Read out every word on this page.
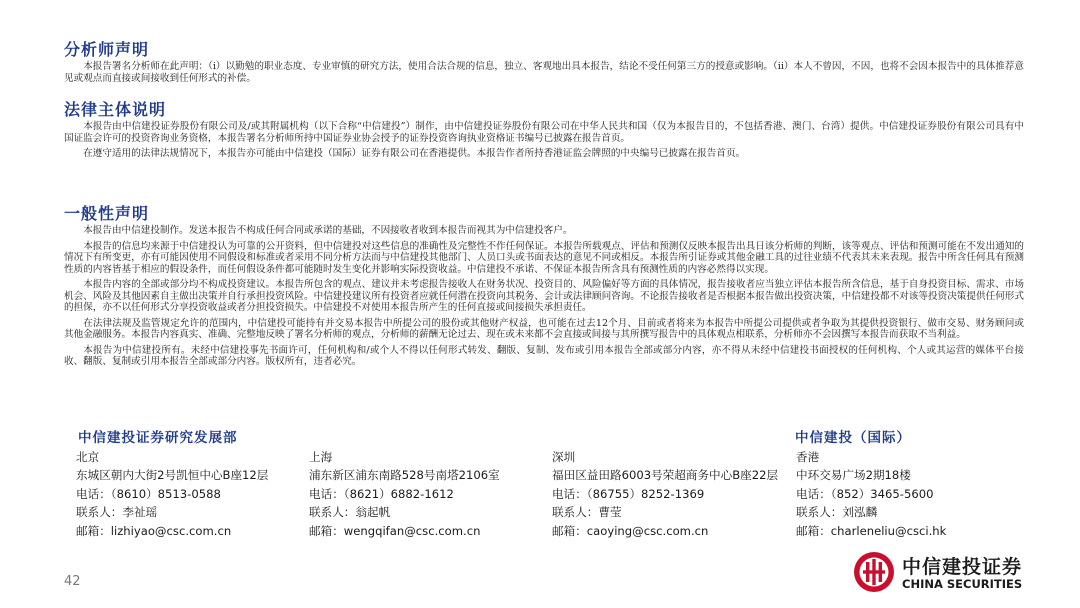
分析师声明

本报告署名分析师在此声明：（i）以勤勉的职业态度、专业审慎的研究方法，使用合法合规的信息，独立、客观地出具本报告，结论不受任何第三方的授意或影响。（ii）本人不曾因，不因，也将不会因本报告中的具体推荐意见或观点而直接或间接收到任何形式的补偿。

法律主体说明

本报告由中信建投证券股份有限公司及/或其附属机构（以下合称“中信建投”）制作，由中信建投证券股份有限公司在中华人民共和国（仅为本报告目的，不包括香港、澳门、台湾）提供。中信建投证券股份有限公司具有中国证监会许可的投资咨询业务资格，本报告署名分析师所持中国证券业协会授予的证券投资咨询执业资格证书编号已披露在报告首页。

在遵守适用的法律法规情况下，本报告亦可能由中信建投（国际）证券有限公司在香港提供。本报告作者所持香港证监会牌照的中央编号已披露在报告首页。

一般性声明

本报告由中信建投制作。发送本报告不构成任何合同或承诺的基础，不因接收者收到本报告而视其为中信建投客户。

本报告的信息均来源于中信建投认为可靠的公开资料，但中信建投对这些信息的准确性及完整性不作任何保证。本报告所载观点、评估和预测仅反映本报告出具日该分析师的判断，该等观点、评估和预测可能在不发出通知的情况下有所变更，亦有可能因使用不同假设和标准或者采用不同分析方法而与中信建投其他部门、人员口头或书面表达的意见不同或相反。本报告所引证券或其他金融工具的过往业绩不代表其未来表现。报告中所含任何具有预测性质的内容皆基于相应的假设条件，而任何假设条件都可能随时发生变化并影响实际投资收益。中信建投不承诺、不保证本报告所含具有预测性质的内容必然得以实现。

本报告内容的全部或部分均不构成投资建议。本报告所包含的观点、建议并未考虑报告接收人在财务状况、投资目的、风险偏好等方面的具体情况，报告接收者应当独立评估本报告所含信息，基于自身投资目标、需求、市场机会、风险及其他因素自主做出决策并自行承担投资风险。中信建投建议所有投资者应就任何潜在投资向其税务、会计或法律顾问咨询。不论报告接收者是否根据本报告做出投资决策，中信建投都不对该等投资决策提供任何形式的担保，亦不以任何形式分享投资收益或者分担投资损失。中信建投不对使用本报告所产生的任何直接或间接损失承担责任。

在法律法规及监管规定允许的范围内，中信建投可能持有并交易本报告中所提公司的股份或其他财产权益，也可能在过去12个月、目前或者将来为本报告中所提公司提供或者争取为其提供投资银行、做市交易、财务顾问或其他金融服务。本报告内容真实、准确、完整地反映了署名分析师的观点，分析师的薪酬无论过去、现在或未来都不会直接或间接与其所撰写报告中的具体观点相联系，分析师亦不会因撰写本报告而获取不当利益。

本报告为中信建投所有。未经中信建投事先书面许可，任何机构和/或个人不得以任何形式转发、翻版、复制、发布或引用本报告全部或部分内容，亦不得从未经中信建投书面授权的任何机构、个人或其运营的媒体平台接收、翻版、复制或引用本报告全部或部分内容。版权所有，违者必究。

中信建投证券研究发展部	中信建投（国际）
北京
东城区朝内大街2号凯恒中心B座12层
电话：（8610）8513-0588
联系人：李祉瑶
邮箱：lizhiyao@csc.com.cn
上海
浦东新区浦东南路528号南塔2106室
电话：（8621）6882-1612
联系人：翁起帆
邮箱：wengqifan@csc.com.cn
深圳
福田区益田路6003号荣超商务中心B座22层
电话：（86755）8252-1369
联系人：曹莹
邮箱：caoying@csc.com.cn
香港
中环交易广场2期18楼
电话：（852）3465-5600
联系人：刘泓麟
邮箱：charleneliu@csci.hk
42
中信建投证券
CHINA SECURITIES
